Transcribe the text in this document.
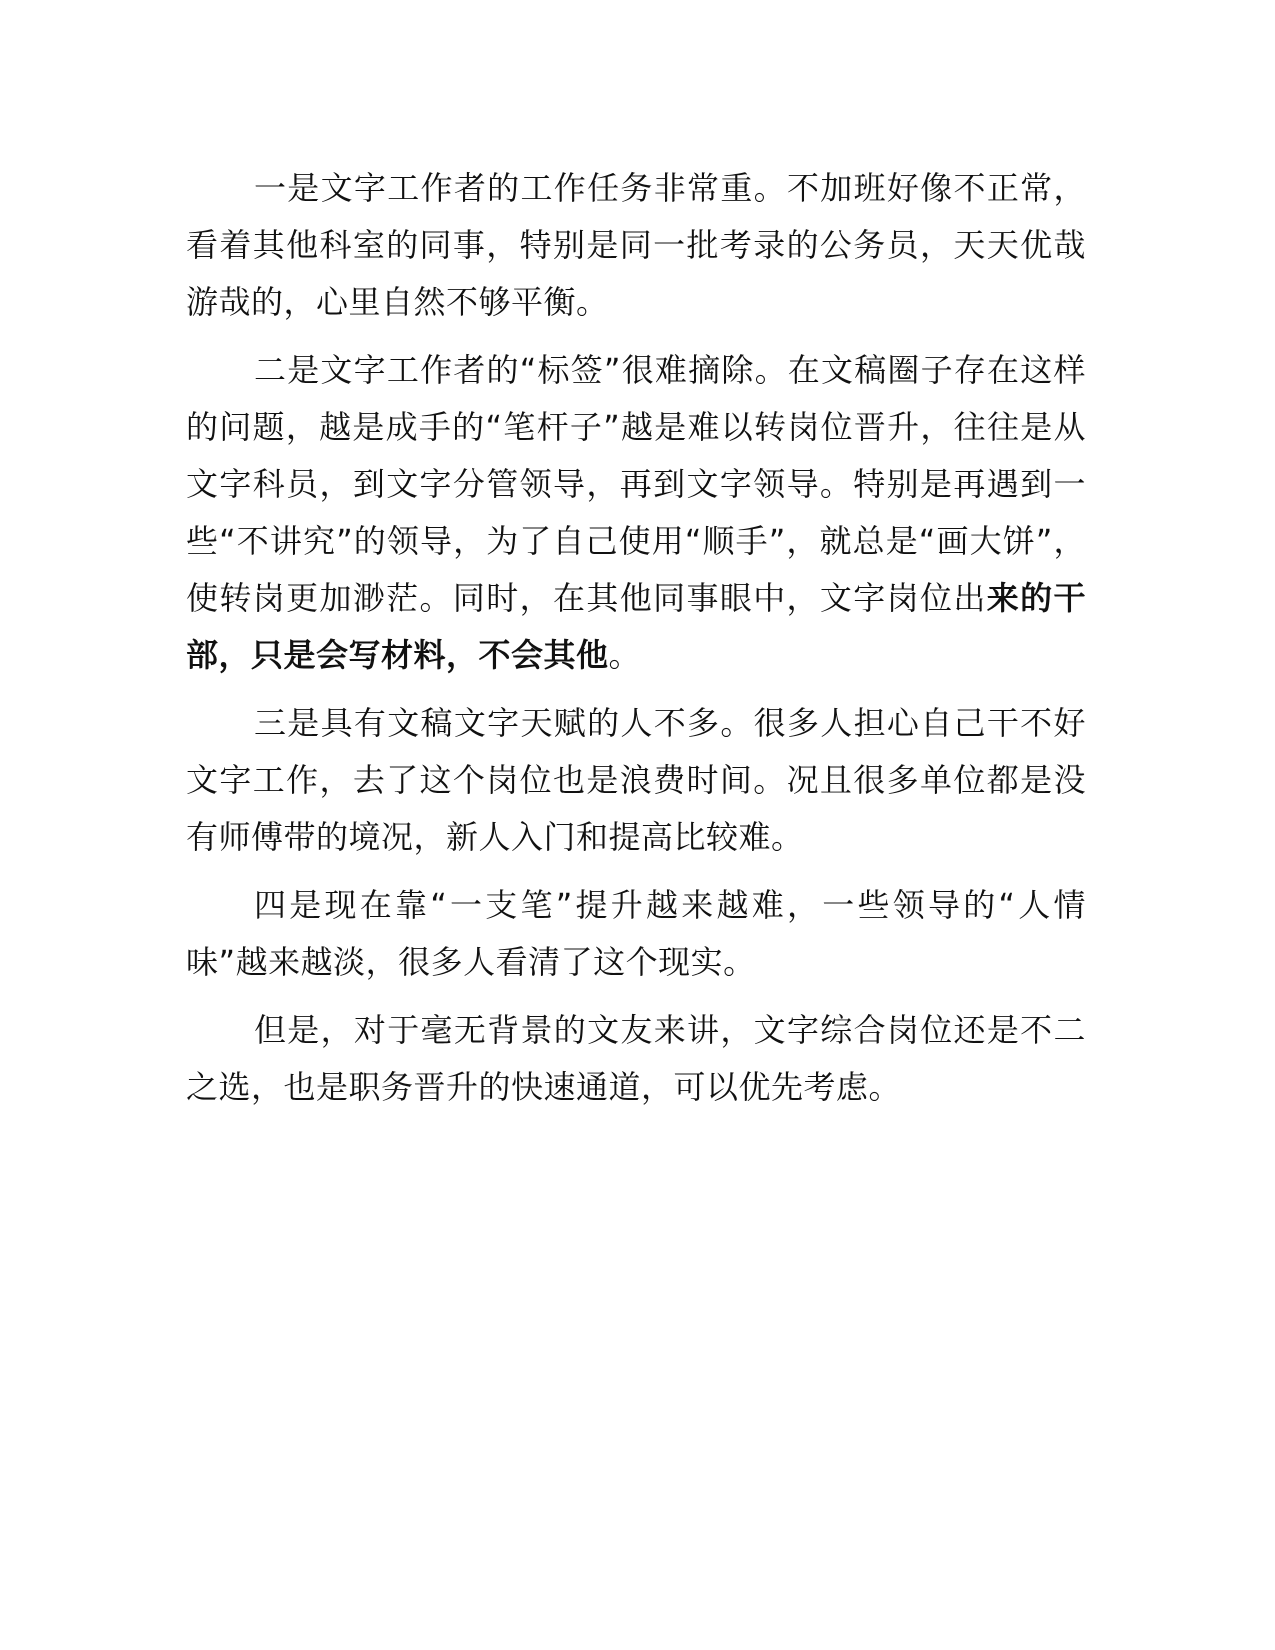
一是文字工作者的工作任务非常重。不加班好像不正常，看着其他科室的同事，特别是同一批考录的公务员，天天优哉游哉的，心里自然不够平衡。

二是文字工作者的“标签”很难摘除。在文稿圈子存在这样的问题，越是成手的“笔杆子”越是难以转岗位晋升，往往是从文字科员，到文字分管领导，再到文字领导。特别是再遇到一些“不讲究”的领导，为了自己使用“顺手”，就总是“画大饼”，使转岗更加渺茫。同时，在其他同事眼中，文字岗位出来的干部，只是会写材料，不会其他。

三是具有文稿文字天赋的人不多。很多人担心自己干不好文字工作，去了这个岗位也是浪费时间。况且很多单位都是没有师傅带的境况，新人入门和提高比较难。

四是现在靠“一支笔”提升越来越难，一些领导的“人情味”越来越淡，很多人看清了这个现实。

但是，对于毫无背景的文友来讲，文字综合岗位还是不二之选，也是职务晋升的快速通道，可以优先考虑。
